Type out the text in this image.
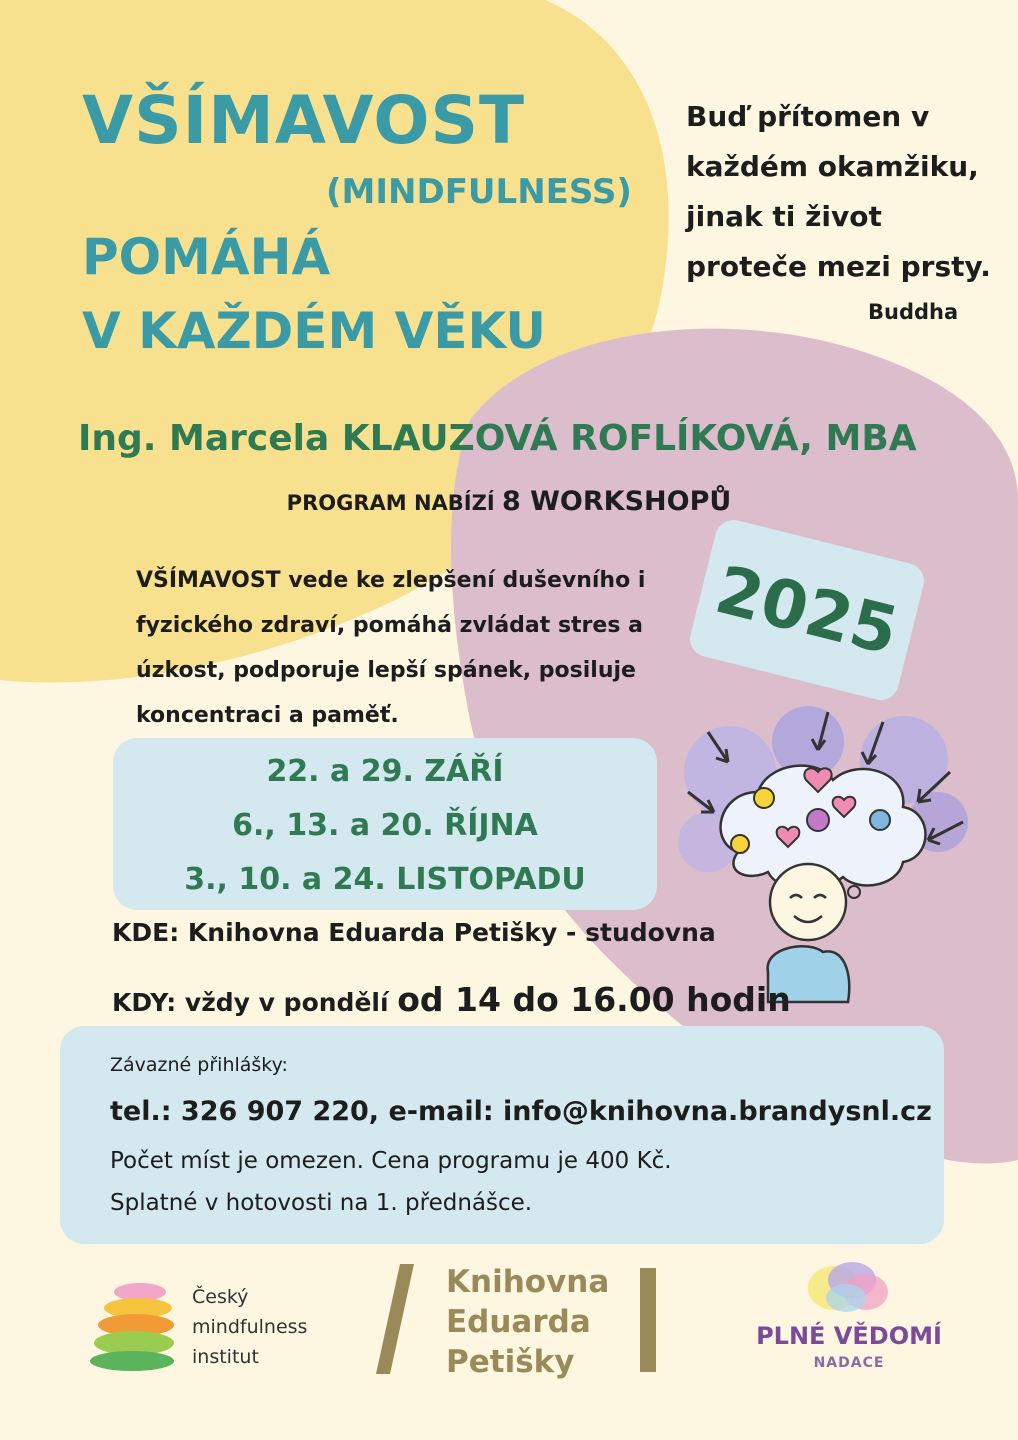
VŠÍMAVOST
(MINDFULNESS)
POMÁHÁ
V KAŽDÉM VĚKU
Buď přítomen v
každém okamžiku,
jinak ti život
proteče mezi prsty.
Buddha
Ing. Marcela KLAUZOVÁ ROFLÍKOVÁ, MBA
PROGRAM NABÍZÍ 8 WORKSHOPŮ
VŠÍMAVOST vede ke zlepšení duševního i
fyzického zdraví, pomáhá zvládat stres a
úzkost, podporuje lepší spánek, posiluje
koncentraci a paměť.
2025
22. a 29. ZÁŘÍ
6., 13. a 20. ŘÍJNA
3., 10. a 24. LISTOPADU
KDE: Knihovna Eduarda Petišky - studovna
KDY: vždy v pondělí od 14 do 16.00 hodin
Závazné přihlášky:
tel.: 326 907 220, e-mail: info@knihovna.brandysnl.cz
Počet míst je omezen. Cena programu je 400 Kč.
Splatné v hotovosti na 1. přednášce.
Český
mindfulness
institut
Knihovna
Eduarda
Petišky
PLNÉ VĚDOMÍ
NADACE
